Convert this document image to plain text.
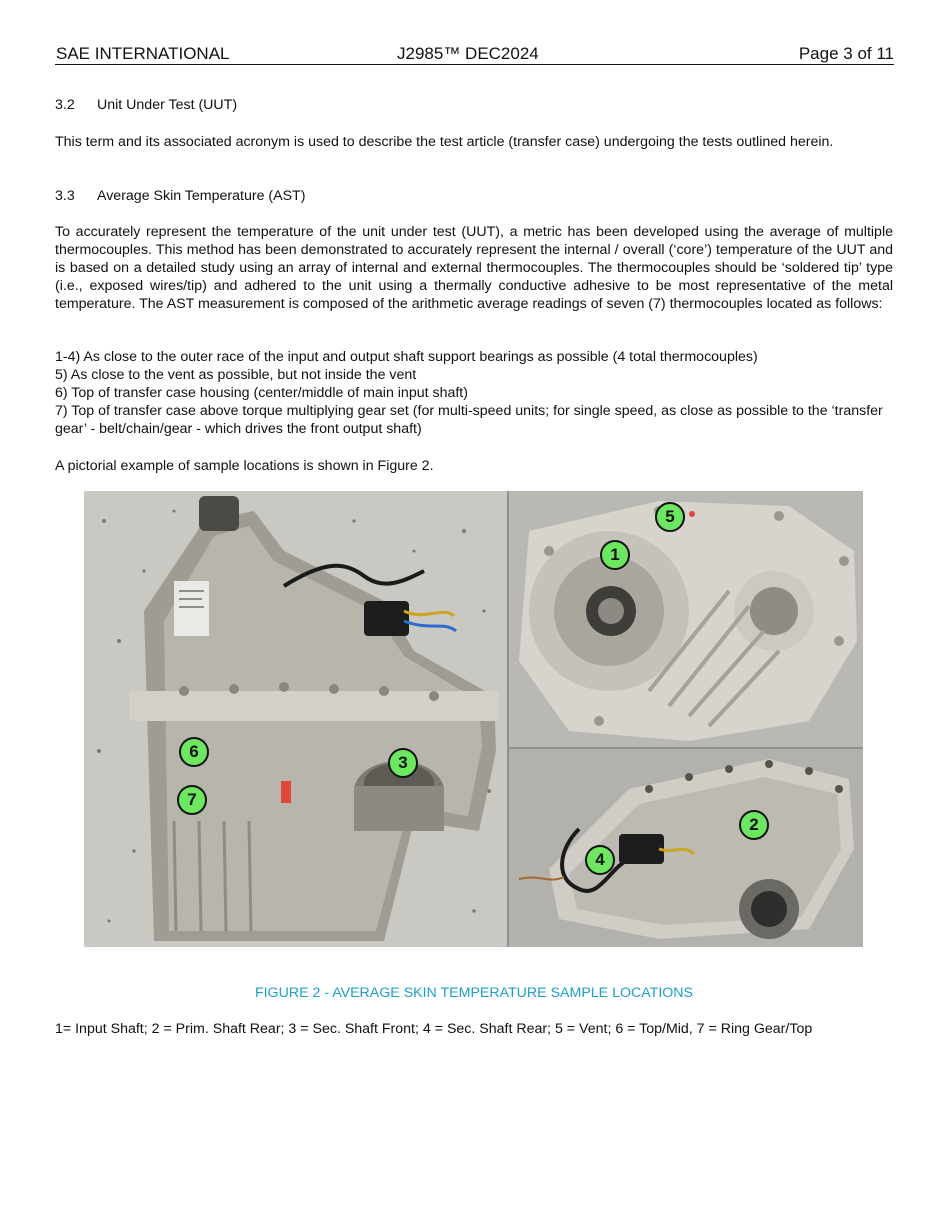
SAE INTERNATIONAL	J2985™ DEC2024	Page 3 of 11
3.2 Unit Under Test (UUT)
This term and its associated acronym is used to describe the test article (transfer case) undergoing the tests outlined herein.
3.3 Average Skin Temperature (AST)
To accurately represent the temperature of the unit under test (UUT), a metric has been developed using the average of multiple thermocouples. This method has been demonstrated to accurately represent the internal / overall (‘core’) temperature of the UUT and is based on a detailed study using an array of internal and external thermocouples. The thermocouples should be ‘soldered tip’ type (i.e., exposed wires/tip) and adhered to the unit using a thermally conductive adhesive to be most representative of the metal temperature. The AST measurement is composed of the arithmetic average readings of seven (7) thermocouples located as follows:
1-4) As close to the outer race of the input and output shaft support bearings as possible (4 total thermocouples)
5) As close to the vent as possible, but not inside the vent
6) Top of transfer case housing (center/middle of main input shaft)
7) Top of transfer case above torque multiplying gear set (for multi-speed units; for single speed, as close as possible to the ‘transfer gear’ - belt/chain/gear - which drives the front output shaft)
A pictorial example of sample locations is shown in Figure 2.
1
2
3
4
5
6
7
FIGURE 2 - AVERAGE SKIN TEMPERATURE SAMPLE LOCATIONS
1= Input Shaft; 2 = Prim. Shaft Rear; 3 = Sec. Shaft Front; 4 = Sec. Shaft Rear; 5 = Vent; 6 = Top/Mid, 7 = Ring Gear/Top
